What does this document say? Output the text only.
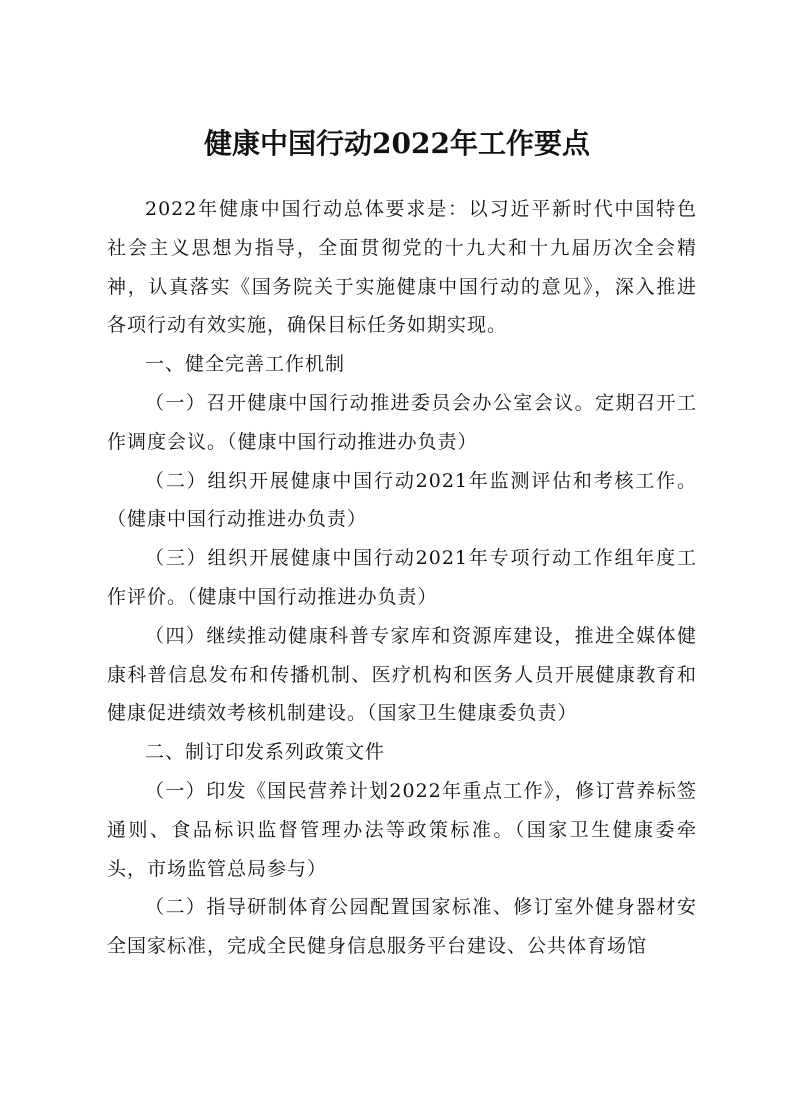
健康中国行动2022年工作要点

2022年健康中国行动总体要求是：以习近平新时代中国特色社会主义思想为指导，全面贯彻党的十九大和十九届历次全会精神，认真落实《国务院关于实施健康中国行动的意见》，深入推进各项行动有效实施，确保目标任务如期实现。

一、健全完善工作机制

（一）召开健康中国行动推进委员会办公室会议。定期召开工作调度会议。（健康中国行动推进办负责）

（二）组织开展健康中国行动2021年监测评估和考核工作。（健康中国行动推进办负责）

（三）组织开展健康中国行动2021年专项行动工作组年度工作评价。（健康中国行动推进办负责）

（四）继续推动健康科普专家库和资源库建设，推进全媒体健康科普信息发布和传播机制、医疗机构和医务人员开展健康教育和健康促进绩效考核机制建设。（国家卫生健康委负责）

二、制订印发系列政策文件

（一）印发《国民营养计划2022年重点工作》，修订营养标签通则、食品标识监督管理办法等政策标准。（国家卫生健康委牵头，市场监管总局参与）

（二）指导研制体育公园配置国家标准、修订室外健身器材安全国家标准，完成全民健身信息服务平台建设、公共体育场馆
